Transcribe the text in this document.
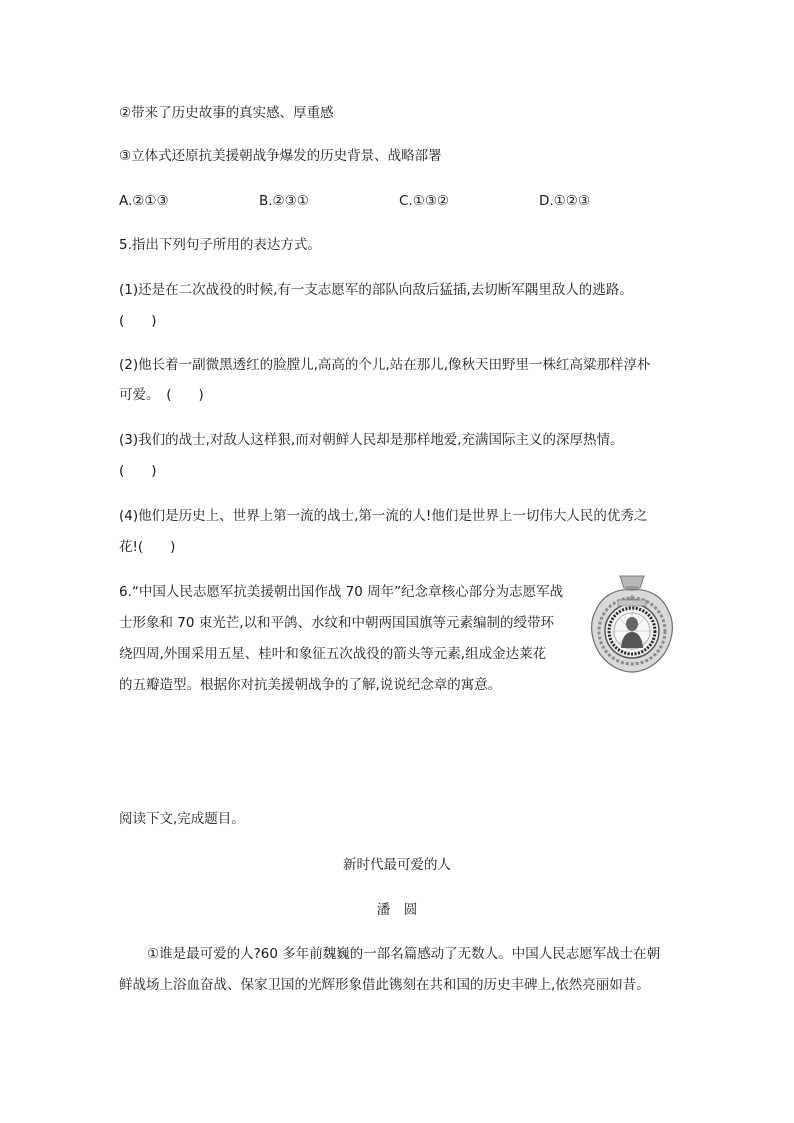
②带来了历史故事的真实感、厚重感
③立体式还原抗美援朝战争爆发的历史背景、战略部署
A.②①③	B.②③①	C.①③②	D.①②③
5.指出下列句子所用的表达方式。
(1)还是在二次战役的时候,有一支志愿军的部队向敌后猛插,去切断军隅里敌人的逃路。
(　　)
(2)他长着一副微黑透红的脸膛儿,高高的个儿,站在那儿,像秋天田野里一株红高粱那样淳朴
可爱。　(　　)
(3)我们的战士,对敌人这样狠,而对朝鲜人民却是那样地爱,充满国际主义的深厚热情。
(　　)
(4)他们是历史上、世界上第一流的战士,第一流的人!他们是世界上一切伟大人民的优秀之
花!(　　)
6.“中国人民志愿军抗美援朝出国作战 70 周年”纪念章核心部分为志愿军战
士形象和 70 束光芒,以和平鸽、水纹和中朝两国国旗等元素编制的绶带环
绕四周,外围采用五星、桂叶和象征五次战役的箭头等元素,组成金达莱花
的五瓣造型。根据你对抗美援朝战争的了解,说说纪念章的寓意。
阅读下文,完成题目。
新时代最可爱的人
潘　圆
①谁是最可爱的人?60 多年前魏巍的一部名篇感动了无数人。中国人民志愿军战士在朝
鲜战场上浴血奋战、保家卫国的光辉形象借此镌刻在共和国的历史丰碑上,依然亮丽如昔。
